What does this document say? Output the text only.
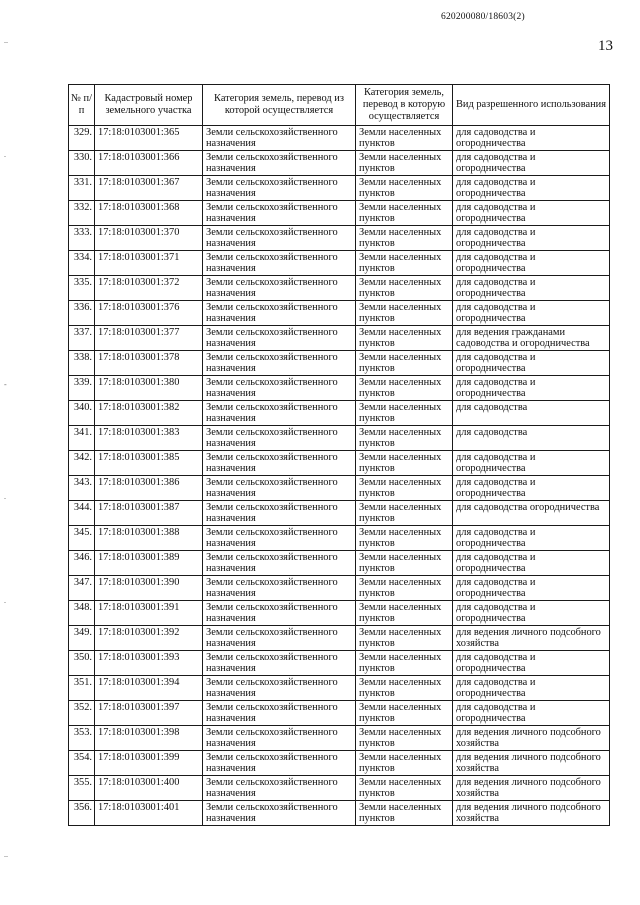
620200080/18603(2)
13
..
.
-
.
.
..
№ п/п	Кадастровый номер земельного участка	Категория земель, перевод из которой осуществляется	Категория земель, перевод в которую осуществляется	Вид разрешенного использования
329.	17:18:0103001:365	Земли сельскохозяйственного назначения	Земли населенных пунктов	для садоводства и огородничества
330.	17:18:0103001:366	Земли сельскохозяйственного назначения	Земли населенных пунктов	для садоводства и огородничества
331.	17:18:0103001:367	Земли сельскохозяйственного назначения	Земли населенных пунктов	для садоводства и огородничества
332.	17:18:0103001:368	Земли сельскохозяйственного назначения	Земли населенных пунктов	для садоводства и огородничества
333.	17:18:0103001:370	Земли сельскохозяйственного назначения	Земли населенных пунктов	для садоводства и огородничества
334.	17:18:0103001:371	Земли сельскохозяйственного назначения	Земли населенных пунктов	для садоводства и огородничества
335.	17:18:0103001:372	Земли сельскохозяйственного назначения	Земли населенных пунктов	для садоводства и огородничества
336.	17:18:0103001:376	Земли сельскохозяйственного назначения	Земли населенных пунктов	для садоводства и огородничества
337.	17:18:0103001:377	Земли сельскохозяйственного назначения	Земли населенных пунктов	для ведения гражданами садоводства и огородничества
338.	17:18:0103001:378	Земли сельскохозяйственного назначения	Земли населенных пунктов	для садоводства и огородничества
339.	17:18:0103001:380	Земли сельскохозяйственного назначения	Земли населенных пунктов	для садоводства и огородничества
340.	17:18:0103001:382	Земли сельскохозяйственного назначения	Земли населенных пунктов	для садоводства
341.	17:18:0103001:383	Земли сельскохозяйственного назначения	Земли населенных пунктов	для садоводства
342.	17:18:0103001:385	Земли сельскохозяйственного назначения	Земли населенных пунктов	для садоводства и огородничества
343.	17:18:0103001:386	Земли сельскохозяйственного назначения	Земли населенных пунктов	для садоводства и огородничества
344.	17:18:0103001:387	Земли сельскохозяйственного назначения	Земли населенных пунктов	для садоводства огородничества
345.	17:18:0103001:388	Земли сельскохозяйственного назначения	Земли населенных пунктов	для садоводства и огородничества
346.	17:18:0103001:389	Земли сельскохозяйственного назначения	Земли населенных пунктов	для садоводства и огородничества
347.	17:18:0103001:390	Земли сельскохозяйственного назначения	Земли населенных пунктов	для садоводства и огородничества
348.	17:18:0103001:391	Земли сельскохозяйственного назначения	Земли населенных пунктов	для садоводства и огородничества
349.	17:18:0103001:392	Земли сельскохозяйственного назначения	Земли населенных пунктов	для ведения личного подсобного хозяйства
350.	17:18:0103001:393	Земли сельскохозяйственного назначения	Земли населенных пунктов	для садоводства и огородничества
351.	17:18:0103001:394	Земли сельскохозяйственного назначения	Земли населенных пунктов	для садоводства и огородничества
352.	17:18:0103001:397	Земли сельскохозяйственного назначения	Земли населенных пунктов	для садоводства и огородничества
353.	17:18:0103001:398	Земли сельскохозяйственного назначения	Земли населенных пунктов	для ведения личного подсобного хозяйства
354.	17:18:0103001:399	Земли сельскохозяйственного назначения	Земли населенных пунктов	для ведения личного подсобного хозяйства
355.	17:18:0103001:400	Земли сельскохозяйственного назначения	Земли населенных пунктов	для ведения личного подсобного хозяйства
356.	17:18:0103001:401	Земли сельскохозяйственного назначения	Земли населенных пунктов	для ведения личного подсобного хозяйства
